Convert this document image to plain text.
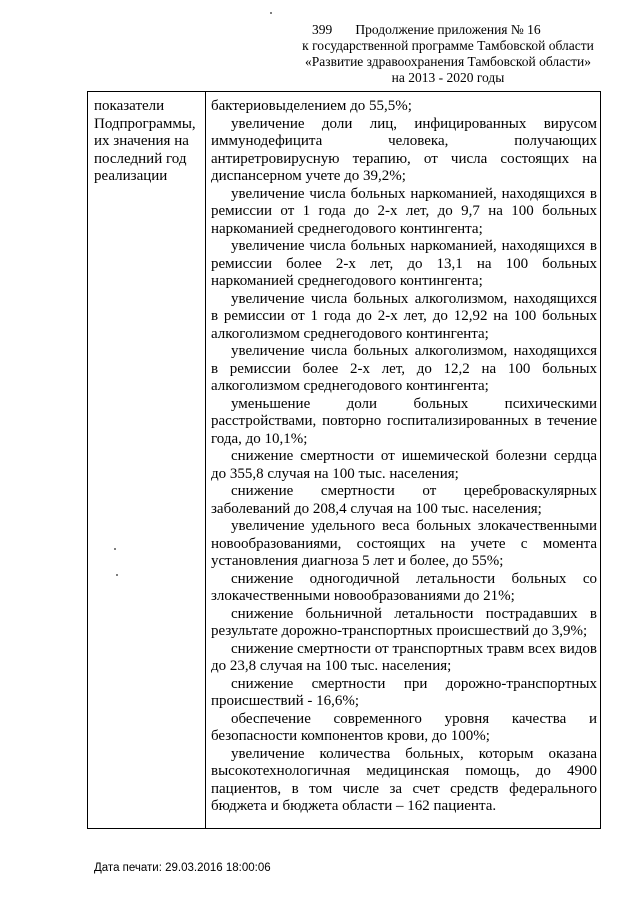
399	Продолжение приложения № 16
к государственной программе Тамбовской области
«Развитие здравоохранения Тамбовской области»
на 2013 - 2020 годы
показатели
Подпрограммы,
их значения на
последний год
реализации

бактериовыделением до 55,5%;

увеличение доли лиц, инфицированных вирусом иммунодефицита человека, получающих антиретровирусную терапию, от числа состоящих на диспансерном учете до 39,2%;

увеличение числа больных наркоманией, находящихся в ремиссии от 1 года до 2-х лет, до 9,7 на 100 больных наркоманией среднегодового контингента;

увеличение числа больных наркоманией, находящихся в ремиссии более 2-х лет, до 13,1 на 100 больных наркоманией среднегодового контингента;

увеличение числа больных алкоголизмом, находящихся в ремиссии от 1 года до 2-х лет, до 12,92 на 100 больных алкоголизмом среднегодового контингента;

увеличение числа больных алкоголизмом, находящихся в ремиссии более 2-х лет, до 12,2 на 100 больных алкоголизмом среднегодового контингента;

уменьшение доли больных психическими расстройствами, повторно госпитализированных в течение года, до 10,1%;

снижение смертности от ишемической болезни сердца до 355,8 случая на 100 тыс. населения;

снижение смертности от цереброваскулярных заболеваний до 208,4 случая на 100 тыс. населения;

увеличение удельного веса больных злокачественными новообразованиями, состоящих на учете с момента установления диагноза 5 лет и более, до 55%;

снижение одногодичной летальности больных со злокачественными новообразованиями до 21%;

снижение больничной летальности пострадавших в результате дорожно-транспортных происшествий до 3,9%;

снижение смертности от транспортных травм всех видов до 23,8 случая на 100 тыс. населения;

снижение смертности при дорожно-транспортных происшествий - 16,6%;

обеспечение современного уровня качества и безопасности компонентов крови, до 100%;

увеличение количества больных, которым оказана высокотехнологичная медицинская помощь, до 4900 пациентов, в том числе за счет средств федерального бюджета и бюджета области – 162 пациента.

Дата печати: 29.03.2016 18:00:06
